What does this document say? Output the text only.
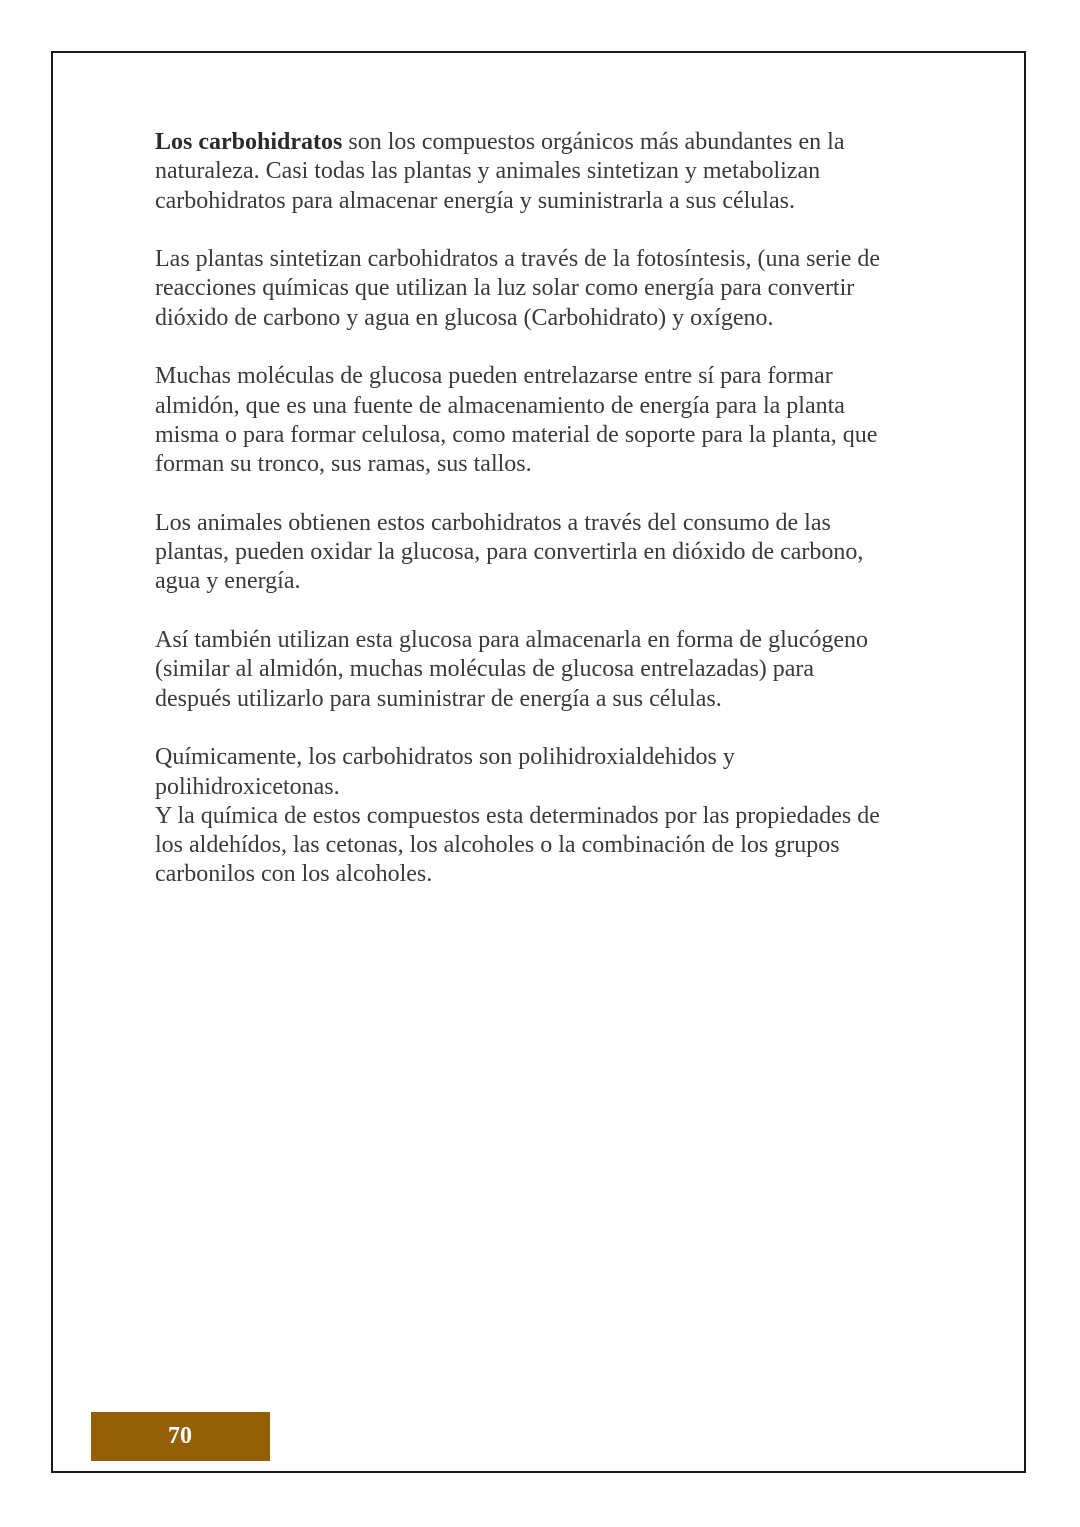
Los carbohidratos son los compuestos orgánicos más abundantes en la
naturaleza. Casi todas las plantas y animales sintetizan y metabolizan
carbohidratos para almacenar energía y suministrarla a sus células.

Las plantas sintetizan carbohidratos a través de la fotosíntesis, (una serie de
reacciones químicas que utilizan la luz solar como energía para convertir
dióxido de carbono y agua en glucosa (Carbohidrato) y oxígeno.

Muchas moléculas de glucosa pueden entrelazarse entre sí para formar
almidón, que es una fuente de almacenamiento de energía para la planta
misma o para formar celulosa, como material de soporte para la planta, que
forman su tronco, sus ramas, sus tallos.

Los animales obtienen estos carbohidratos a través del consumo de las
plantas, pueden oxidar la glucosa, para convertirla en dióxido de carbono,
agua y energía.

Así también utilizan esta glucosa para almacenarla en forma de glucógeno
(similar al almidón, muchas moléculas de glucosa entrelazadas) para
después utilizarlo para suministrar de energía a sus células.

Químicamente, los carbohidratos son polihidroxialdehidos y
polihidroxicetonas.

Y la química de estos compuestos esta determinados por las propiedades de
los aldehídos, las cetonas, los alcoholes o la combinación de los grupos
carbonilos con los alcoholes.

70
